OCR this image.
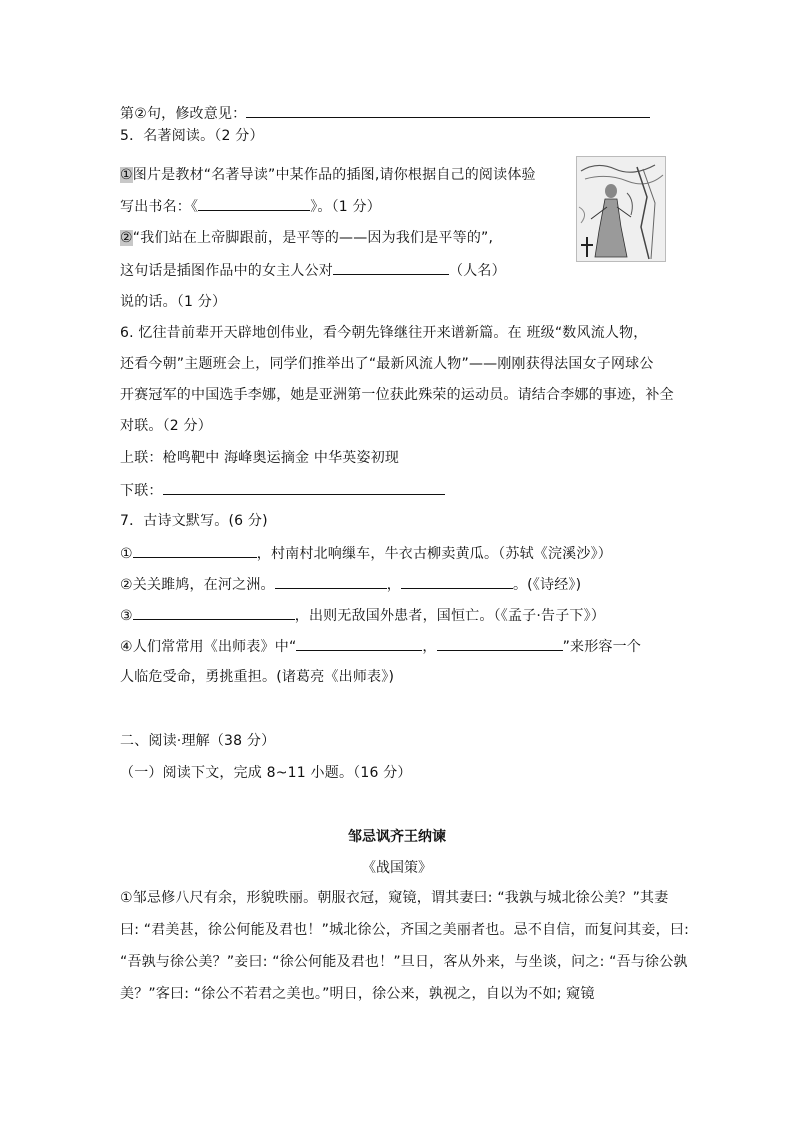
第②句，修改意见：
5．名著阅读。（2 分）
①图片是教材“名著导读”中某作品的插图,请你根据自己的阅读体验
写出书名：《	》。（1 分）
②“我们站在上帝脚跟前，是平等的——因为我们是平等的”,
这句话是插图作品中的女主人公对	（人名）
说的话。（1 分）
6. 忆往昔前辈开天辟地创伟业，看今朝先锋继往开来谱新篇。在 班级“数风流人物，
还看今朝”主题班会上，同学们推举出了“最新风流人物”——刚刚获得法国女子网球公
开赛冠军的中国选手李娜，她是亚洲第一位获此殊荣的运动员。请结合李娜的事迹，补全
对联。（2 分）
上联：枪鸣靶中 海峰奥运摘金 中华英姿初现
下联：
7．古诗文默写。(6 分)
①	，村南村北响缫车，牛衣古柳卖黄瓜。（苏轼《浣溪沙》）
②关关雎鸠，在河之洲。	，	。(《诗经》)
③	，出则无敌国外患者，国恒亡。（《孟子·告子下》）
④人们常常用《出师表》中“	，	”来形容一个
人临危受命，勇挑重担。(诸葛亮《出师表》)
二、阅读·理解（38 分）
（一）阅读下文，完成 8~11 小题。（16 分）
邹忌讽齐王纳谏
《战国策》
①邹忌修八尺有余，形貌昳丽。朝服衣冠，窥镜，谓其妻曰: “我孰与城北徐公美？”其妻
曰: “君美甚，徐公何能及君也！”城北徐公，齐国之美丽者也。忌不自信，而复问其妾，曰:
“吾孰与徐公美？”妾曰: “徐公何能及君也！”旦日，客从外来，与坐谈，问之: “吾与徐公孰
美？”客曰: “徐公不若君之美也。”明日，徐公来，孰视之，自以为不如; 窥镜
